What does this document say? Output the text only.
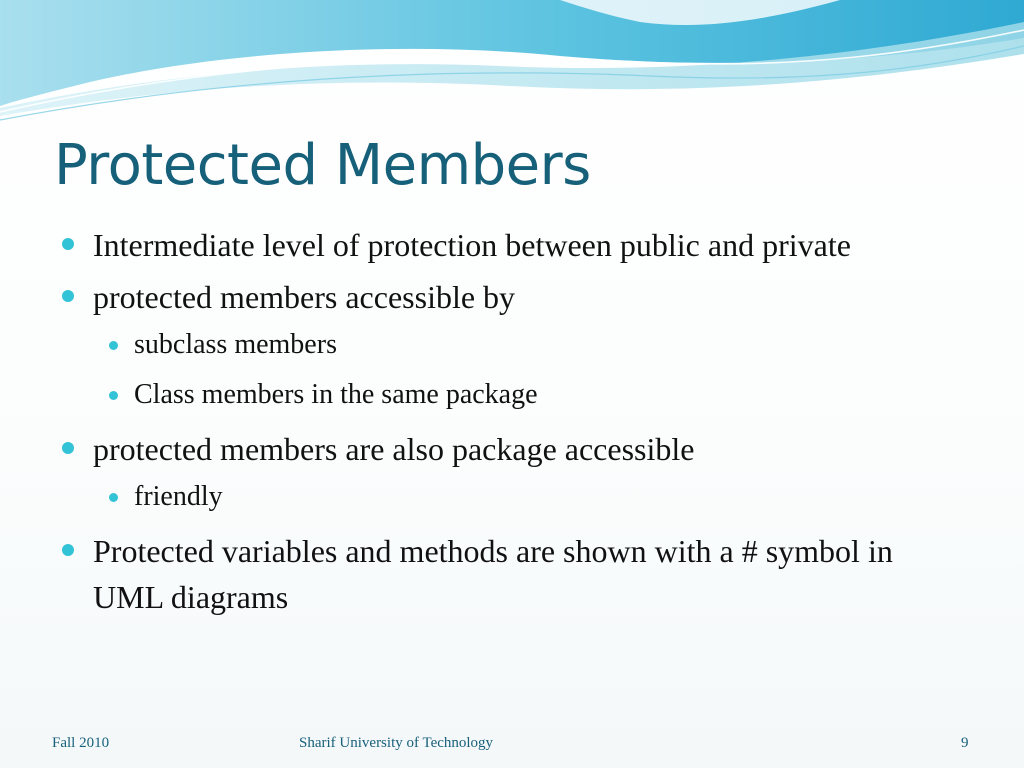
Protected Members
Intermediate level of protection between public and private
protected members accessible by
subclass members
Class members in the same package
protected members are also package accessible
friendly
Protected variables and methods are shown with a # symbol in UML diagrams
Fall 2010	Sharif University of Technology	9
